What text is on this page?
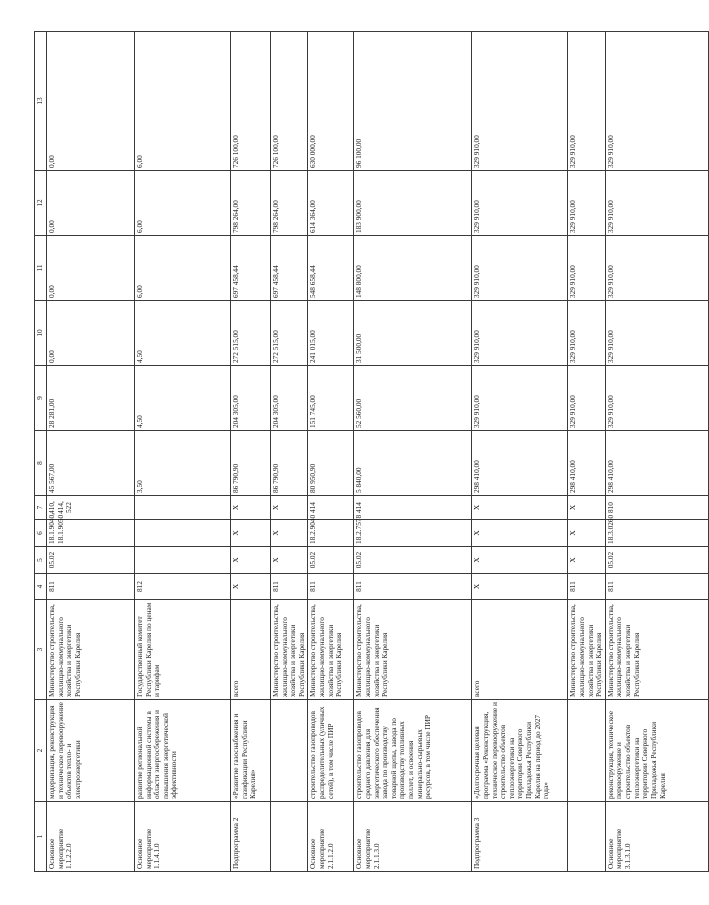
1	2	3	4	5	6	7	8	9	10	11	12	13
Основное мероприятие 1.1.2.2.0	модернизация, реконструкция и техническое перевооружение объектов тепло- и электроэнергетики	Министерство строительства, жилищно-коммунального хозяйства и энергетики Республики Карелия	811	05.02	18.1.9040, 18.1.9050	410, 414, 522	45 567,00	28 281,00	0,00	0,00	0,00	0,00
Основное мероприятие 1.1.4.1.0	развитие региональной информационной системы в области энергосбережения и повышения энергетической эффективности	Государственный комитет Республики Карелия по ценам и тарифам	812				3,50	4,50	4,50	6,00	6,00	6,00
Подпрограмма 2	«Развитие газоснабжения и газификации Республики Карелия»	всего	X	X	X	X	86 790,90	204 305,00	272 515,00	697 458,44	798 264,00	726 100,00
		Министерство строительства, жилищно-коммунального хозяйства и энергетики Республики Карелия	811	X	X	X	86 790,90	204 305,00	272 515,00	697 458,44	798 264,00	726 100,00
Основное мероприятие 2.1.1.2.0	строительство газопроводов распределительных (уличных сетей), в том числе ПИР	Министерство строительства, жилищно-коммунального хозяйства и энергетики Республики Карелия	811	05.02	18.2.9040	414	80 950,90	151 745,00	241 015,00	548 658,44	614 364,00	630 000,00
Основное мероприятие 2.1.1.3.0	строительство газопроводов среднего давления для энергетического обеспечения завода по производству товарной щепы, завода по производству топливных пеллет, и освоения минерально-сырьевых ресурсов, в том числе ПИР	Министерство строительства, жилищно-коммунального хозяйства и энергетики Республики Карелия	811	05.02	18.2.7578	414	5 840,00	52 560,00	31 500,00	148 800,00	183 900,00	96 100,00
Подпрограмма 3	«Долгосрочная целевая программа «Реконструкция, техническое перевооружение и строительство объектов теплоэнергетики на территории Северного Приладожья Республики Карелия на период до 2027 года»	всего	X	X	X	X	298 410,00	329 910,00	329 910,00	329 910,00	329 910,00	329 910,00
		Министерство строительства, жилищно-коммунального хозяйства и энергетики Республики Карелия	811	X	X	X	298 410,00	329 910,00	329 910,00	329 910,00	329 910,00	329 910,00
Основное мероприятие 3.1.3.1.0	реконструкция, техническое перевооружение и строительство объектов теплоэнергетики на территории Северного Приладожья Республики Карелия	Министерство строительства, жилищно-коммунального хозяйства и энергетики Республики Карелия	811	05.02	18.3.0260	810	298 410,00	329 910,00	329 910,00	329 910,00	329 910,00	329 910,00
